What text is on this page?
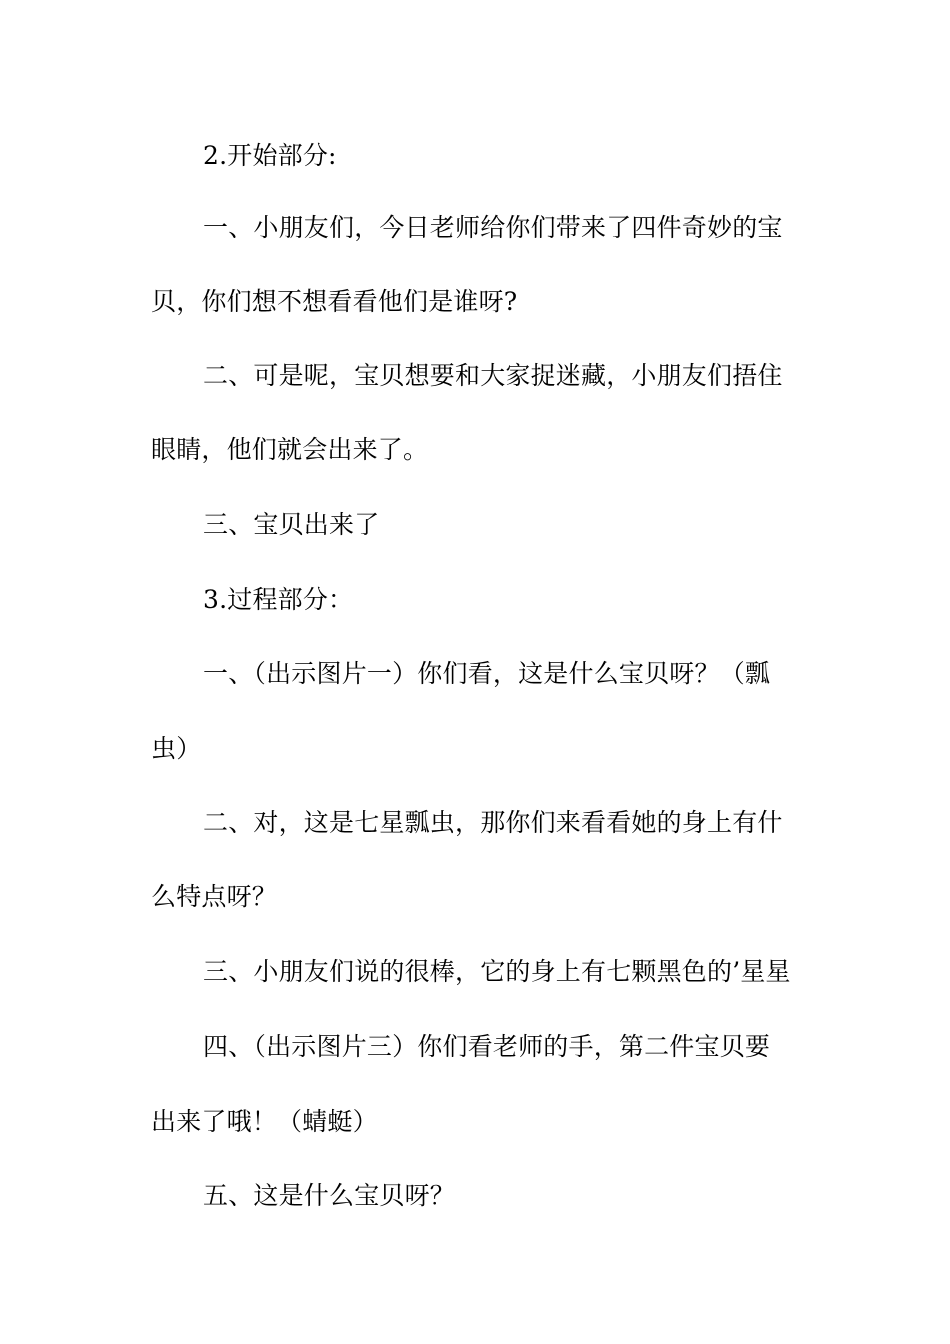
2.开始部分:
一、小朋友们，今日老师给你们带来了四件奇妙的宝
贝，你们想不想看看他们是谁呀?
二、可是呢，宝贝想要和大家捉迷藏，小朋友们捂住
眼睛，他们就会出来了。
三、宝贝出来了
3.过程部分：
一、（出示图片一）你们看，这是什么宝贝呀？（瓢
虫）
二、对，这是七星瓢虫，那你们来看看她的身上有什
么特点呀？
三、小朋友们说的很棒，它的身上有七颗黑色的’星星
四、（出示图片三）你们看老师的手，第二件宝贝要
出来了哦！（蜻蜓）
五、这是什么宝贝呀？
